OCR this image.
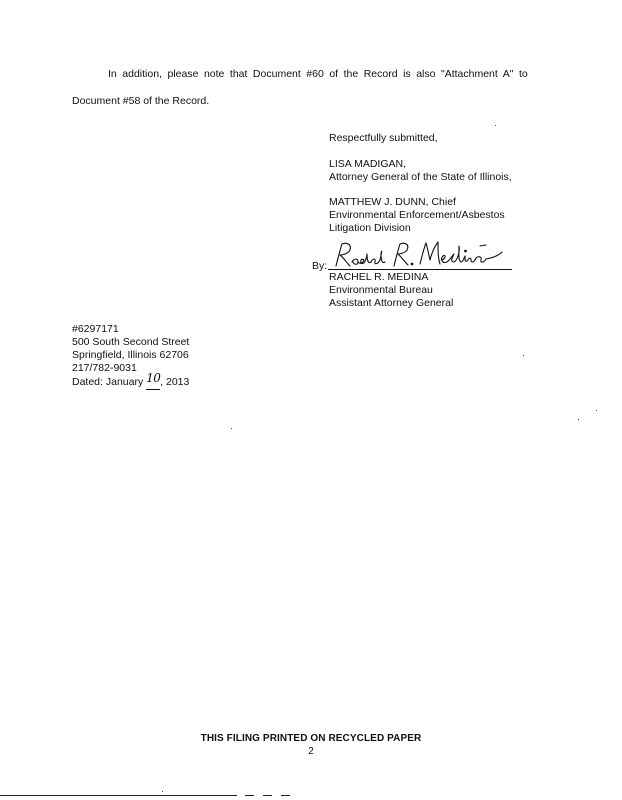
In addition, please note that Document #60 of the Record is also "Attachment A" to
Document #58 of the Record.
Respectfully submitted,
LISA MADIGAN,
Attorney General of the State of Illinois,
MATTHEW J. DUNN, Chief
Environmental Enforcement/Asbestos
Litigation Division
By:
RACHEL R. MEDINA
Environmental Bureau
Assistant Attorney General
#6297171
500 South Second Street
Springfield, Illinois 62706
217/782-9031
Dated: January 10, 2013
THIS FILING PRINTED ON RECYCLED PAPER
2
